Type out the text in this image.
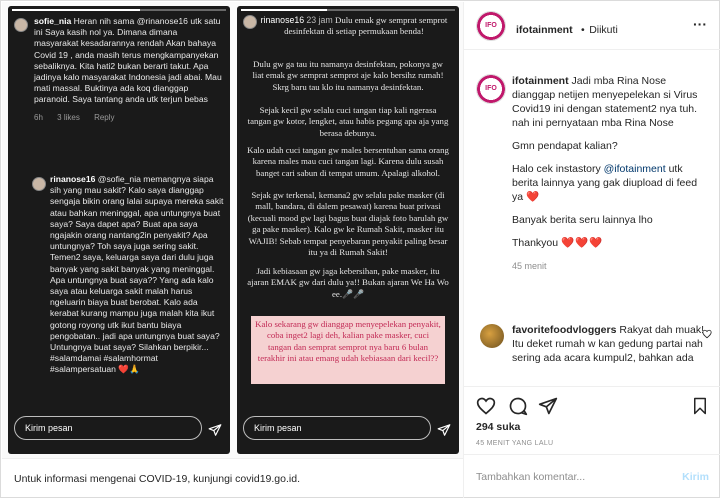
sofie_nia Heran nih sama @rinanose16 utk satu ini Saya kasih nol ya. Dimana dimana masyarakat kesadarannya rendah Akan bahaya Covid 19 , anda masih terus mengkampanyekan sebaliknya. Kita hati2 bukan berarti takut. Apa jadinya kalo masyarakat Indonesia jadi abai. Mau mati massal. Buktinya ada koq dianggap paranoid. Saya tantang anda utk terjun bebas
6h 3 likes Reply
rinanose16 @sofie_nia memangnya siapa sih yang mau sakit? Kalo saya dianggap sengaja bikin orang lalai supaya mereka sakit atau bahkan meninggal, apa untungnya buat saya? Saya dapet apa? Buat apa saya ngajakin orang nantang2in penyakit? Apa untungnya? Toh saya juga sering sakit. Temen2 saya, keluarga saya dari dulu juga banyak yang sakit banyak yang meninggal. Apa untungnya buat saya?? Yang ada kalo saya atau keluarga sakit malah harus ngeluarin biaya buat berobat. Kalo ada kerabat kurang mampu juga malah kita ikut gotong royong utk ikut bantu biaya pengobatan.. jadi apa untungnya buat saya? Untungnya buat saya? Silahkan berpikir... #salamdamai #salamhormat #salampersatuan ❤️🙏
Kirim pesan
rinanose16 23 jam Dulu emak gw semprat semprot desinfektan di setiap permukaan benda!
Dulu gw ga tau itu namanya desinfektan, pokonya gw liat emak gw semprat semprot aje kalo bersihz rumah! Skrg baru tau klo itu namanya desinfektan.
Sejak kecil gw selalu cuci tangan tiap kali ngerasa tangan gw kotor, lengket, atau habis pegang apa aja yang berasa debunya.
Kalo udah cuci tangan gw males bersentuhan sama orang karena males mau cuci tangan lagi. Karena dulu susah banget cari sabun di tempat umum. Apalagi alkohol.
Sejak gw terkenal, kemana2 gw selalu pake masker (di mall, bandara, di dalem pesawat) karena buat privasi (kecuali mood gw lagi bagus buat diajak foto barulah gw ga pake masker). Kalo gw ke Rumah Sakit, masker itu WAJIB! Sebab tempat penyebaran penyakit paling besar itu ya di Rumah Sakit!
Jadi kebiasaan gw jaga kebersihan, pake masker, itu ajaran EMAK gw dari dulu ya!! Bukan ajaran We Ha Wo ee.🎤🎤
Kalo sekarang gw dianggap menyepelekan penyakit, coba inget2 lagi deh, kalian pake masker, cuci tangan dan semprat semprot nya baru 6 bulan terakhir ini atau emang udah kebiasaan dari kecil??
Kirim pesan
Untuk informasi mengenai COVID-19, kunjungi covid19.go.id.
IFO	ifotainment • Diikuti	···
IFO

ifotainment Jadi mba Rina Nose dianggap netijen menyepelekan si Virus Covid19 ini dengan statement2 nya tuh. nah ini pernyataan mba Rina Nose

Gmn pendapat kalian?

Halo cek instastory @ifotainment utk berita lainnya yang gak diupload di feed ya ❤️

Banyak berita seru lainnya lho

Thankyou ❤️❤️❤️

45 menit

favoritefoodvloggers Rakyat dah muak! Itu deket rumah w kan gedung partai nah sering ada acara kumpul2, bahkan ada
294 suka
45 MENIT YANG LALU
Tambahkan komentar...	Kirim
